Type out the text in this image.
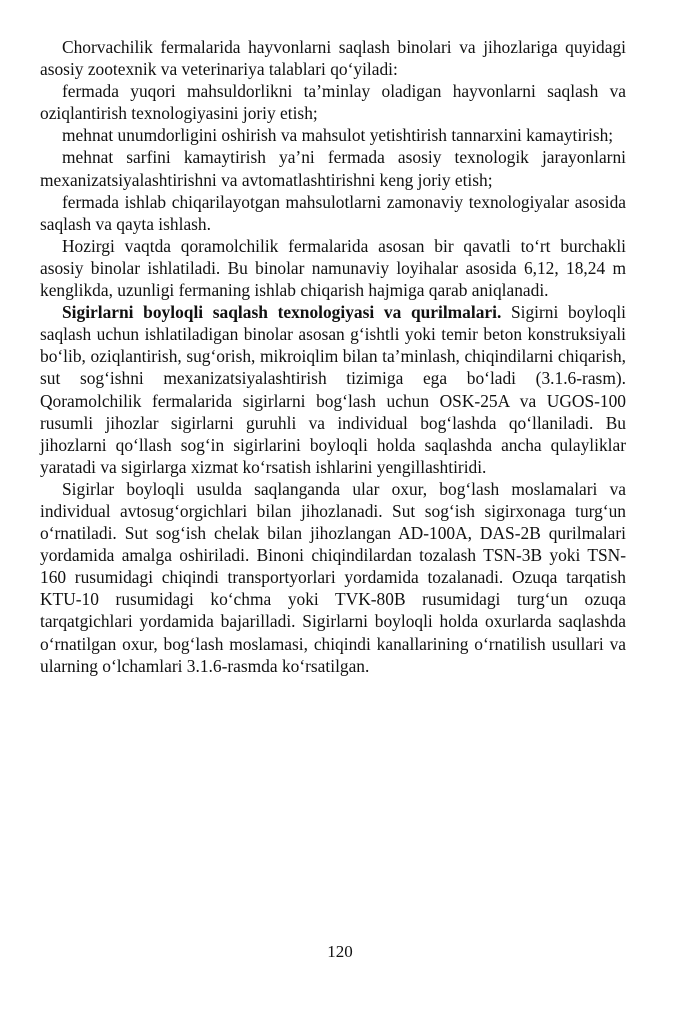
Chorvachilik fermalarida hayvonlarni saqlash binolari va jihozlariga quyidagi asosiy zootexnik va veterinariya talablari qo‘yiladi:

fermada yuqori mahsuldorlikni ta’minlay oladigan hayvonlarni saqlash va oziqlantirish texnologiyasini joriy etish;

mehnat unumdorligini oshirish va mahsulot yetishtirish tannarxini kamaytirish;

mehnat sarfini kamaytirish ya’ni fermada asosiy texnologik jarayonlarni mexanizatsiyalashtirishni va avtomatlashtirishni keng joriy etish;

fermada ishlab chiqarilayotgan mahsulotlarni zamonaviy texnologiyalar asosida saqlash va qayta ishlash.

Hozirgi vaqtda qoramolchilik fermalarida asosan bir qavatli to‘rt burchakli asosiy binolar ishlatiladi. Bu binolar namunaviy loyihalar asosida 6,12, 18,24 m kenglikda, uzunligi fermaning ishlab chiqarish hajmiga qarab aniqlanadi.

Sigirlarni boyloqli saqlash texnologiyasi va qurilmalari. Sigirni boyloqli saqlash uchun ishlatiladigan binolar asosan g‘ishtli yoki temir beton konstruksiyali bo‘lib, oziqlantirish, sug‘orish, mikroiqlim bilan ta’minlash, chiqindilarni chiqarish, sut sog‘ishni mexanizatsiyalashtirish tizimiga ega bo‘ladi (3.1.6-rasm). Qoramolchilik fermalarida sigirlarni bog‘lash uchun OSK-25A va UGOS-100 rusumli jihozlar sigirlarni guruhli va individual bog‘lashda qo‘llaniladi. Bu jihozlarni qo‘llash sog‘in sigirlarini boyloqli holda saqlashda ancha qulayliklar yaratadi va sigirlarga xizmat ko‘rsatish ishlarini yengillashtiridi.

Sigirlar boyloqli usulda saqlanganda ular oxur, bog‘lash moslamalari va individual avtosug‘orgichlari bilan jihozlanadi. Sut sog‘ish sigirxonaga turg‘un o‘rnatiladi. Sut sog‘ish chelak bilan jihozlangan AD-100A, DAS-2B qurilmalari yordamida amalga oshiriladi. Binoni chiqindilardan tozalash TSN-3B yoki TSN-160 rusumidagi chiqindi transportyorlari yordamida tozalanadi. Ozuqa tarqatish KTU-10 rusumidagi ko‘chma yoki TVK-80B rusumidagi turg‘un ozuqa tarqatgichlari yordamida bajarilladi. Sigirlarni boyloqli holda oxurlarda saqlashda o‘rnatilgan oxur, bog‘lash moslamasi, chiqindi kanallarining o‘rnatilish usullari va ularning o‘lchamlari 3.1.6-rasmda ko‘rsatilgan.

120
